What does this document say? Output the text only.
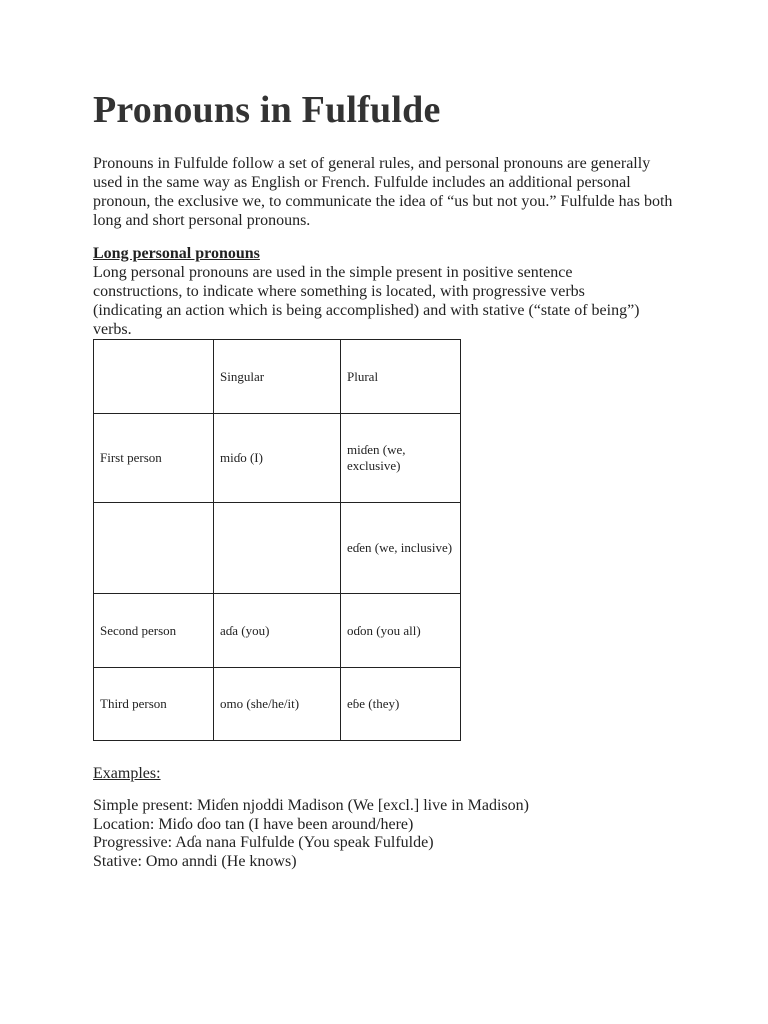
Pronouns in Fulfulde

Pronouns in Fulfulde follow a set of general rules, and personal pronouns are generally used in the same way as English or French. Fulfulde includes an additional personal pronoun, the exclusive we, to communicate the idea of “us but not you.” Fulfulde has both long and short personal pronouns.

Long personal pronouns

Long personal pronouns are used in the simple present in positive sentence constructions, to indicate where something is located, with progressive verbs (indicating an action which is being accomplished) and with stative (“state of being”) verbs.

	Singular	Plural
First person	miɗo (I)	miɗen (we, exclusive)
		eɗen (we, inclusive)
Second person	aɗa (you)	oɗon (you all)
Third person	omo (she/he/it)	eɓe (they)

Examples:

Simple present: Miɗen njoddi Madison (We [excl.] live in Madison)
Location: Miɗo ɗoo tan (I have been around/here)
Progressive: Aɗa nana Fulfulde (You speak Fulfulde)
Stative: Omo anndi (He knows)
